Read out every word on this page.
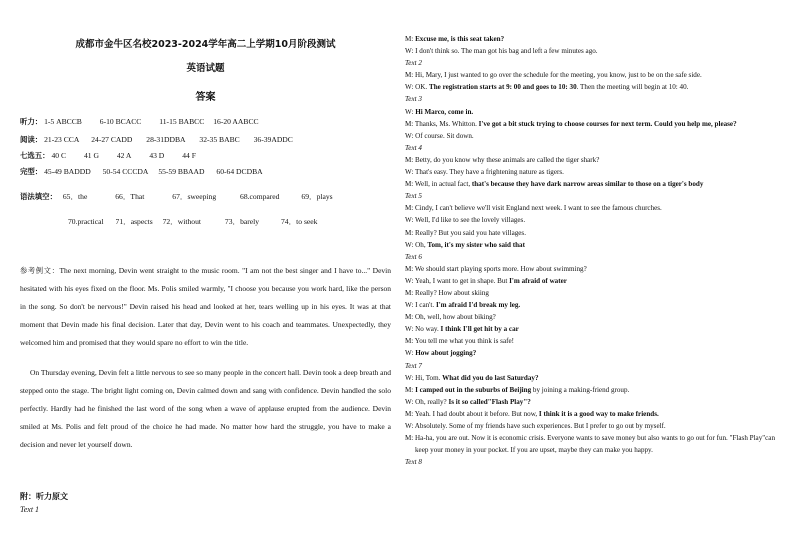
成都市金牛区名校2023-2024学年高二上学期10月阶段测试
英语试题
答案
听力： 1-5 ABCCB 6-10 BCACC 11-15 BABCC 16-20 AABCC
阅读： 21-23 CCA 24-27 CADD 28-31DDBA 32-35 BABC 36-39ADDC
七选五： 40 C 41 G 42 A 43 D 44 F
完型： 45-49 BADDD 50-54 CCCDA 55-59 BBAAD 60-64 DCDBA
语法填空： 65．the	66．That	67．sweeping	68.compared	69．plays
70.practical 71．aspects 72．without	73．barely	74．to seek

参考例文：The next morning, Devin went straight to the music room. "I am not the best singer and I have to..." Devin hesitated with his eyes fixed on the floor. Ms. Polis smiled warmly, "I choose you because you work hard, like the person in the song. So don't be nervous!" Devin raised his head and looked at her, tears welling up in his eyes. It was at that moment that Devin made his final decision. Later that day, Devin went to his coach and teammates. Unexpectedly, they welcomed him and promised that they would spare no effort to win the title.

On Thursday evening, Devin felt a little nervous to see so many people in the concert hall. Devin took a deep breath and stepped onto the stage. The bright light coming on, Devin calmed down and sang with confidence. Devin handled the solo perfectly. Hardly had he finished the last word of the song when a wave of applause erupted from the audience. Devin smiled at Ms. Polis and felt proud of the choice he had made. No matter how hard the struggle, you have to make a decision and never let yourself down.

附：听力原文
Text 1
M: Excuse me, is this seat taken?
W: I don't think so. The man got his bag and left a few minutes ago.
Text 2
M: Hi, Mary, I just wanted to go over the schedule for the meeting, you know, just to be on the safe side.
W: OK. The registration starts at 9: 00 and goes to 10: 30. Then the meeting will begin at 10: 40.
Text 3
W: Hi Marco, come in.
M: Thanks, Ms. Whitton. I've got a bit stuck trying to choose courses for next term. Could you help me, please?
W: Of course. Sit down.
Text 4
M: Betty, do you know why these animals are called the tiger shark?
W: That's easy. They have a frightening nature as tigers.
M: Well, in actual fact, that's because they have dark narrow areas similar to those on a tiger's body
Text 5
M: Cindy, I can't believe we'll visit England next week. I want to see the famous churches.
W: Well, I'd like to see the lovely villages.
M: Really? But you said you hate villages.
W: Oh, Tom, it's my sister who said that
Text 6
M: We should start playing sports more. How about swimming?
W: Yeah, I want to get in shape. But I'm afraid of water
M: Really? How about skiing
W: I can't. I'm afraid I'd break my leg.
M: Oh, well, how about biking?
W: No way. I think I'll get hit by a car
M: You tell me what you think is safe!
W: How about jogging?
Text 7
W: Hi, Tom. What did you do last Saturday?
M: I camped out in the suburbs of Beijing by joining a making-friend group.
W: Oh, really? Is it so called"Flash Play"?
M: Yeah. I had doubt about it before. But now, I think it is a good way to make friends.
W: Absolutely. Some of my friends have such experiences. But I prefer to go out by myself.
M: Ha-ha, you are out. Now it is economic crisis. Everyone wants to save money but also wants to go out for fun. "Flash Play"can keep your money in your pocket. If you are upset, maybe they can make you happy.
Text 8
